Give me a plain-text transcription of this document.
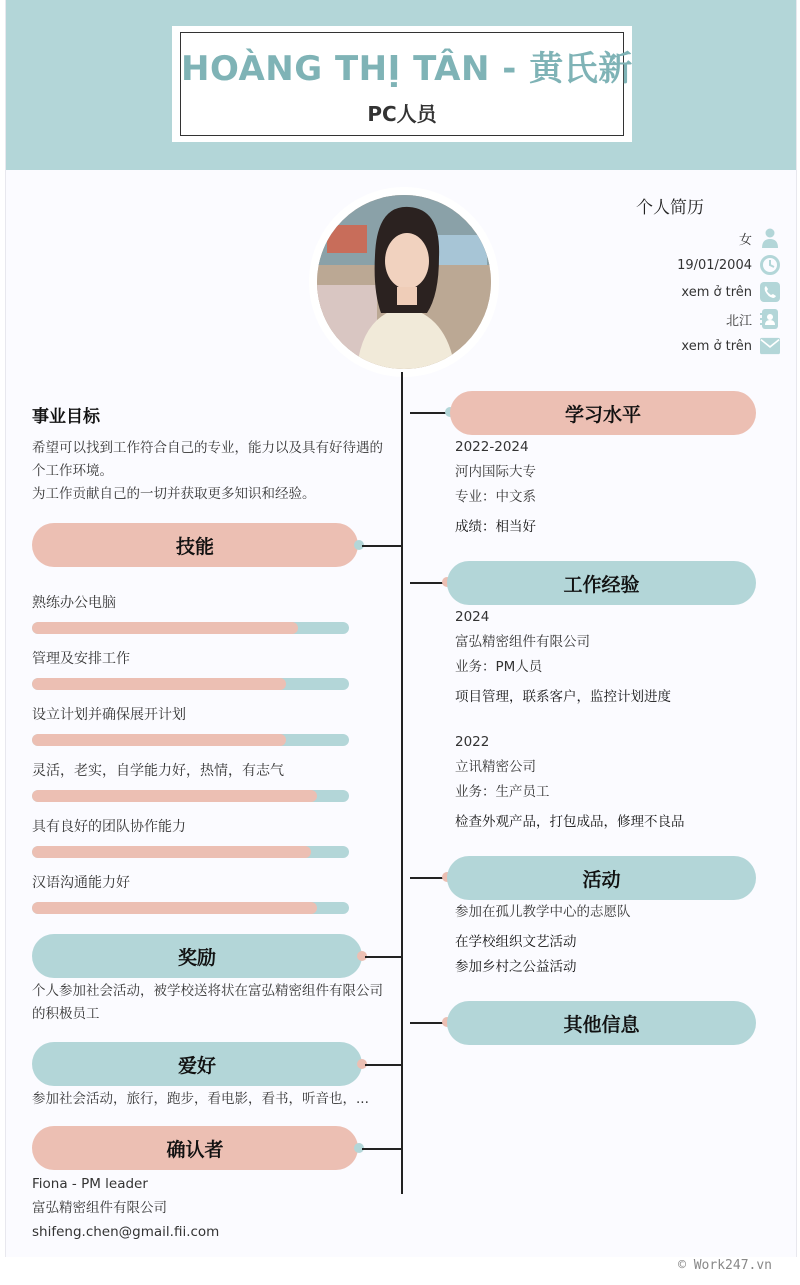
HOÀNG THỊ TÂN - 黄氏新
PC人员
个人简历
女
19/01/2004
xem ở trên
北江
xem ở trên
事业目标
希望可以找到工作符合自己的专业，能力以及具有好待遇的
个工作环境。
为工作贡献自己的一切并获取更多知识和经验。
技能
熟练办公电脑
管理及安排工作
设立计划并确保展开计划
灵活，老实，自学能力好，热情，有志气
具有良好的团队协作能力
汉语沟通能力好
奖励
个人参加社会活动，被学校送将状在富弘精密组件有限公司
的积极员工
爱好
参加社会活动，旅行，跑步，看电影，看书，听音也，...
确认者
Fiona - PM leader
富弘精密组件有限公司
shifeng.chen@gmail.fii.com
学习水平
2022-2024
河内国际大专
专业：中文系
成绩：相当好
工作经验
2024
富弘精密组件有限公司
业务：PM人员
项目管理，联系客户，监控计划进度
2022
立讯精密公司
业务：生产员工
检查外观产品，打包成品，修理不良品
活动
参加在孤儿教学中心的志愿队
在学校组织文艺活动
参加乡村之公益活动
其他信息
© Work247.vn
